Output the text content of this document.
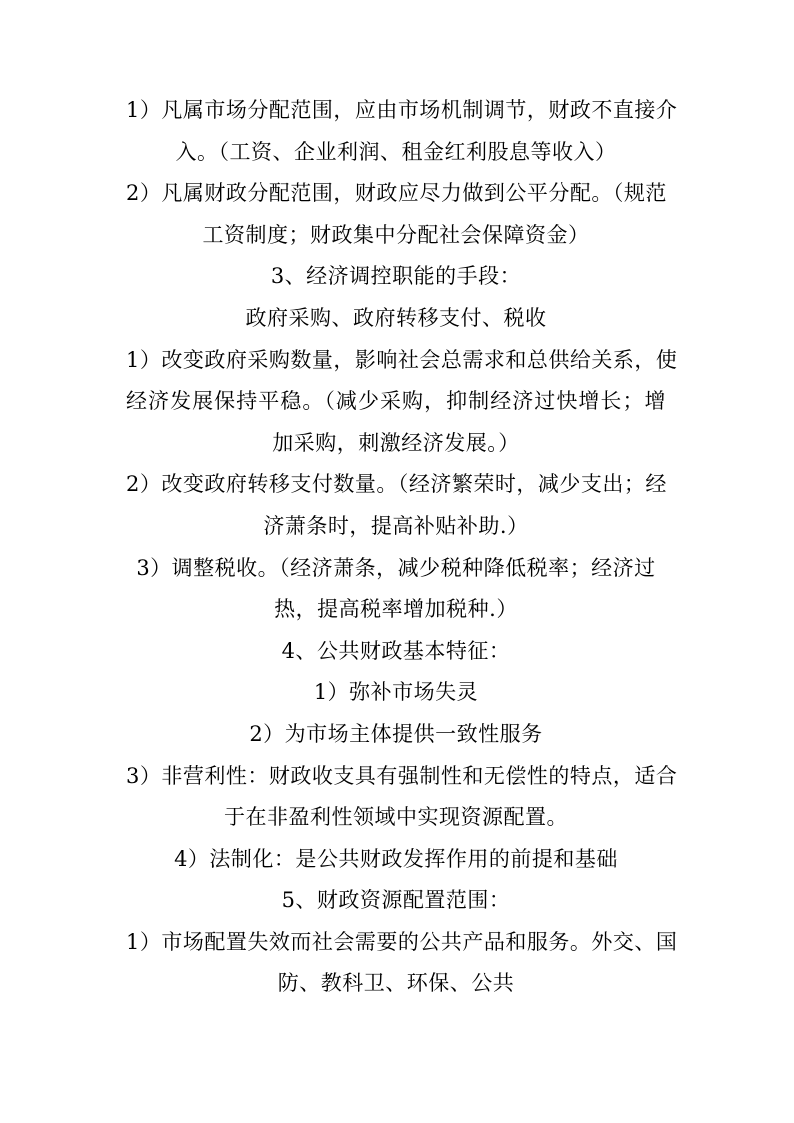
1）凡属市场分配范围，应由市场机制调节，财政不直接介
入。（工资、企业利润、租金红利股息等收入）

2）凡属财政分配范围，财政应尽力做到公平分配。（规范
工资制度；财政集中分配社会保障资金）

3、经济调控职能的手段：

政府采购、政府转移支付、税收

1）改变政府采购数量，影响社会总需求和总供给关系，使
经济发展保持平稳。（减少采购，抑制经济过快增长；增
加采购，刺激经济发展。）

2）改变政府转移支付数量。（经济繁荣时，减少支出；经
济萧条时，提高补贴补助.）

3）调整税收。（经济萧条，减少税种降低税率；经济过
热，提高税率增加税种.）

4、公共财政基本特征：

1）弥补市场失灵

2）为市场主体提供一致性服务

3）非营利性：财政收支具有强制性和无偿性的特点，适合
于在非盈利性领域中实现资源配置。

4）法制化：是公共财政发挥作用的前提和基础

5、财政资源配置范围：

1）市场配置失效而社会需要的公共产品和服务。外交、国
防、教科卫、环保、公共
